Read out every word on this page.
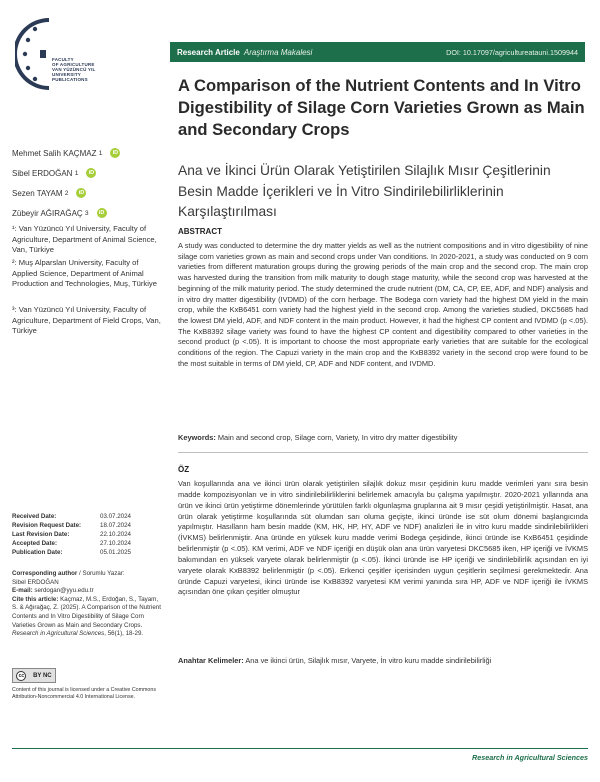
FACULTY
OF AGRICULTURE
VAN YÜZÜNCÜ YIL
UNIVERSITY
PUBLICATIONS
Research Article Araştırma Makalesi	DOI: 10.17097/agricultureatauni.1509944
A Comparison of the Nutrient Contents and In Vitro Digestibility of Silage Corn Varieties Grown as Main and Secondary Crops
Ana ve İkinci Ürün Olarak Yetiştirilen Silajlık Mısır Çeşitlerinin Besin Madde İçerikleri ve İn Vitro Sindirilebilirliklerinin Karşılaştırılması
Mehmet Salih KAÇMAZ
1	iD
Sibel ERDOĞAN
1	iD
Sezen TAYAM
2	iD
Zübeyir AĞIRAĞAÇ
3	iD
¹: Van Yüzüncü Yıl University, Faculty of Agriculture, Department of Animal Science, Van, Türkiye
²: Muş Alparslan University, Faculty of Applied Science, Department of Animal Production and Technologies, Muş, Türkiye
³: Van Yüzüncü Yıl University, Faculty of Agriculture, Department of Field Crops, Van, Türkiye
ABSTRACT
A study was conducted to determine the dry matter yields as well as the nutrient compositions and in vitro digestibility of nine silage corn varieties grown as main and second crops under Van conditions. In 2020-2021, a study was conducted on 9 corn varieties from different maturation groups during the growing periods of the main crop and the second crop. The main crop was harvested during the transition from milk maturity to dough stage maturity, while the second crop was harvested at the beginning of the milk maturity period. The study determined the crude nutrient (DM, CA, CP, EE, ADF, and NDF) analysis and in vitro dry matter digestibility (IVDMD) of the corn herbage. The Bodega corn variety had the highest DM yield in the main crop, while the KxB6451 corn variety had the highest yield in the second crop. Among the varieties studied, DKC5685 had the lowest DM yield, ADF, and NDF content in the main product. However, it had the highest CP content and IVDMD (p <.05). The KxB8392 silage variety was found to have the highest CP content and digestibility compared to other varieties in the second product (p <.05). It is important to choose the most appropriate early varieties that are suitable for the ecological conditions of the region. The Capuzi variety in the main crop and the KxB8392 variety in the second crop were found to be the most suitable in terms of DM yield, CP, ADF and NDF content, and IVDMD.
Keywords: Main and second crop, Silage corn, Variety, In vitro dry matter digestibility
ÖZ
Van koşullarında ana ve ikinci ürün olarak yetiştirilen silajlık dokuz mısır çeşidinin kuru madde verimleri yanı sıra besin madde kompozisyonları ve in vitro sindirilebilirliklerini belirlemek amacıyla bu çalışma yapılmıştır. 2020-2021 yıllarında ana ürün ve ikinci ürün yetiştirme dönemlerinde yürütülen farklı olgunlaşma gruplarına ait 9 mısır çeşidi yetiştirilmiştir. Hasat, ana ürün olarak yetiştirme koşullarında süt olumdan sarı oluma geçişte, ikinci üründe ise süt olum dönemi başlangıcında yapılmıştır. Hasılların ham besin madde (KM, HK, HP, HY, ADF ve NDF) analizleri ile in vitro kuru madde sindirilebilirlikleri (İVKMS) belirlenmiştir. Ana üründe en yüksek kuru madde verimi Bodega çeşidinde, ikinci üründe ise KxB6451 çeşidinde belirlenmiştir (p <.05). KM verimi, ADF ve NDF içeriği en düşük olan ana ürün varyetesi DKC5685 iken, HP içeriği ve İVKMS bakımından en yüksek varyete olarak belirlenmiştir (p <.05). İkinci üründe ise HP içeriği ve sindirilebilirlik açısından en iyi varyete olarak KxB8392 belirlenmiştir (p <.05). Erkenci çeşitler içerisinden uygun çeşitlerin seçilmesi gerekmektedir. Ana üründe Capuzi varyetesi, ikinci üründe ise KxB8392 varyetesi KM verimi yanında sıra HP, ADF ve NDF içeriği ile İVKMS açısından öne çıkan çeşitler olmuştur
Anahtar Kelimeler: Ana ve ikinci ürün, Silajlık mısır, Varyete, İn vitro kuru madde sindirilebilirliği
Received Date:	03.07.2024
Revision Request Date:	18.07.2024
Last Revision Date:	22.10.2024
Accepted Date:	27.10.2024
Publication Date:	05.01.2025
Corresponding author / Sorumlu Yazar:
Sibel ERDOĞAN
E-mail: serdogan@yyu.edu.tr
Cite this article: Kaçmaz, M.S., Erdoğan, S., Tayam, S. & Ağırağaç, Z. (2025). A Comparison of the Nutrient Contents and In Vitro Digestibility of Silage Corn Varieties Grown as Main and Secondary Crops. Research in Agricultural Sciences, 56(1), 18-29.
cc	BY NC
Content of this journal is licensed under a Creative Commons Attribution-Noncommercial 4.0 International License.
Research in Agricultural Sciences
